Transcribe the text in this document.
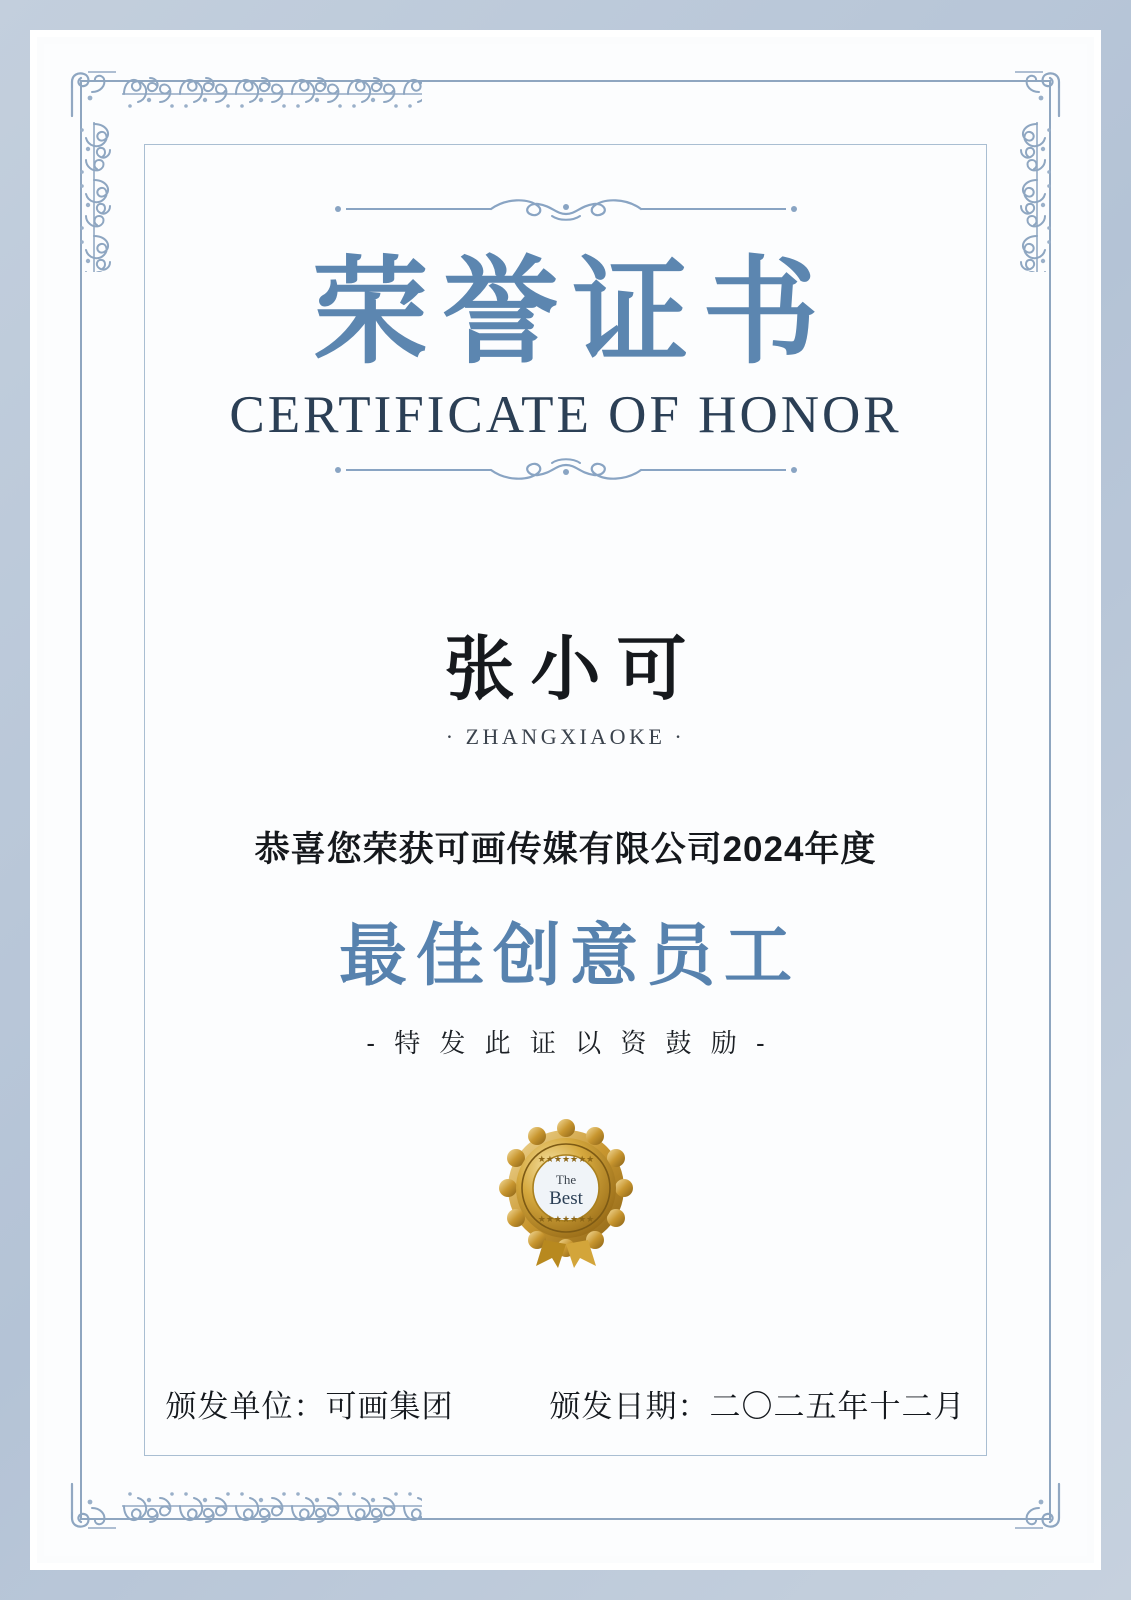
荣誉证书
CERTIFICATE OF HONOR
张小可
· ZHANGXIAOKE ·
恭喜您荣获可画传媒有限公司2024年度
最佳创意员工
- 特 发 此 证 以 资 鼓 励 -
★★★★★★★
★★★★★★★
The
Best
颁发单位：可画集团	颁发日期：二〇二五年十二月
